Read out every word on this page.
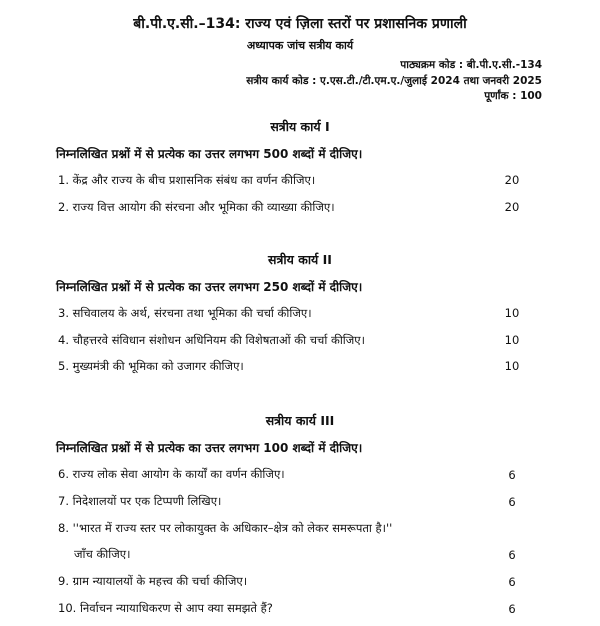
बी.पी.ए.सी.–134: राज्य एवं ज़िला स्तरों पर प्रशासनिक प्रणाली
अध्यापक जांच सत्रीय कार्य
पाठ्यक्रम कोड : बी.पी.ए.सी.-134
सत्रीय कार्य कोड : ए.एस.टी./टी.एम.ए./जुलाई 2024 तथा जनवरी 2025
पूर्णांक : 100
सत्रीय कार्य I
निम्नलिखित प्रश्नों में से प्रत्येक का उत्तर लगभग 500 शब्दों में दीजिए।
1. केंद्र और राज्य के बीच प्रशासनिक संबंध का वर्णन कीजिए।	20
2. राज्य वित्त आयोग की संरचना और भूमिका की व्याख्या कीजिए।	20
सत्रीय कार्य II
निम्नलिखित प्रश्नों में से प्रत्येक का उत्तर लगभग 250 शब्दों में दीजिए।
3. सचिवालय के अर्थ, संरचना तथा भूमिका की चर्चा कीजिए।	10
4. चौहत्तरवे संविधान संशोधन अधिनियम की विशेषताओं की चर्चा कीजिए।	10
5. मुख्यमंत्री की भूमिका को उजागर कीजिए।	10
सत्रीय कार्य III
निम्नलिखित प्रश्नों में से प्रत्येक का उत्तर लगभग 100 शब्दों में दीजिए।
6. राज्य लोक सेवा आयोग के कार्यों का वर्णन कीजिए।	6
7. निदेशालयों पर एक टिप्पणी लिखिए।	6
8. ''भारत में राज्य स्तर पर लोकायुक्त के अधिकार–क्षेत्र को लेकर समरूपता है।''
जाँच कीजिए।	6
9. ग्राम न्यायालयों के महत्त्व की चर्चा कीजिए।	6
10. निर्वाचन न्यायाधिकरण से आप क्या समझते हैं?	6
